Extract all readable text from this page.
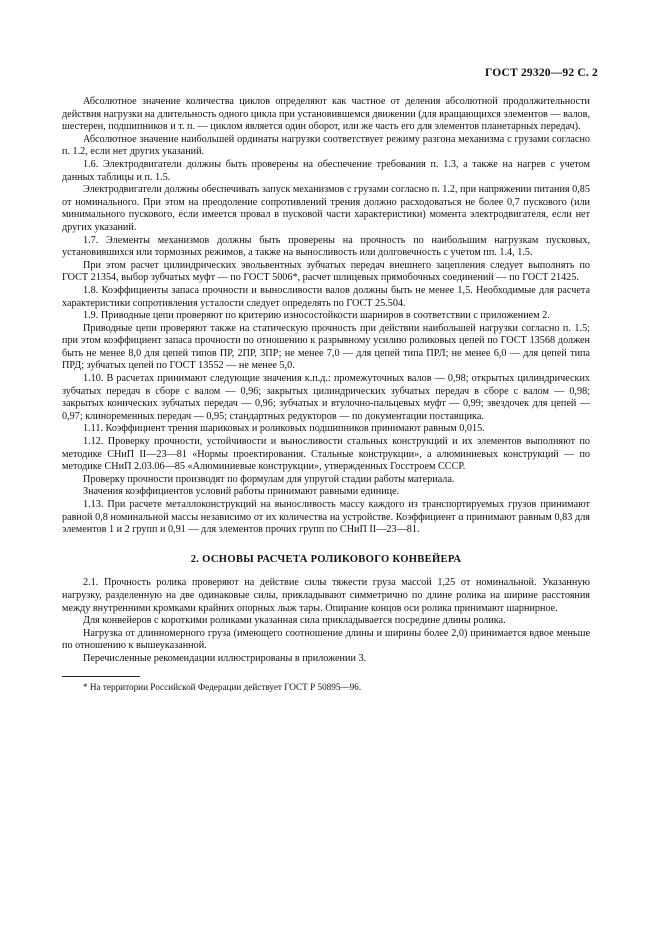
ГОСТ 29320—92 С. 2

Абсолютное значение количества циклов определяют как частное от деления абсолютной продолжительности действия нагрузки на длительность одного цикла при установившемся движении (для вращающихся элементов — валов, шестерен, подшипников и т. п. — циклом является один оборот, или же часть его для элементов планетарных передач).

Абсолютное значение наибольшей ординаты нагрузки соответствует режиму разгона механизма с грузами согласно п. 1.2, если нет других указаний.

1.6. Электродвигатели должны быть проверены на обеспечение требования п. 1.3, а также на нагрев с учетом данных таблицы и п. 1.5.

Электродвигатели должны обеспечивать запуск механизмов с грузами согласно п. 1.2, при напряжении питания 0,85 от номинального. При этом на преодоление сопротивлений трения должно расходоваться не более 0,7 пускового (или минимального пускового, если имеется провал в пусковой части характеристики) момента электродвигателя, если нет других указаний.

1.7. Элементы механизмов должны быть проверены на прочность по наибольшим нагрузкам пусковых, установившихся или тормозных режимов, а также на выносливость или долговечность с учетом пп. 1.4, 1.5.

При этом расчет цилиндрических эвольвентных зубчатых передач внешнего зацепления следует выполнять по ГОСТ 21354, выбор зубчатых муфт — по ГОСТ 5006*, расчет шлицевых прямобочных соединений — по ГОСТ 21425.

1.8. Коэффициенты запаса прочности и выносливости валов должны быть не менее 1,5. Необходимые для расчета характеристики сопротивления усталости следует определять по ГОСТ 25.504.

1.9. Приводные цепи проверяют по критерию износостойкости шарниров в соответствии с приложением 2.

Приводные цепи проверяют также на статическую прочность при действии наибольшей нагрузки согласно п. 1.5; при этом коэффициент запаса прочности по отношению к разрывному усилию роликовых цепей по ГОСТ 13568 должен быть не менее 8,0 для цепей типов ПР, 2ПР, 3ПР; не менее 7,0 — для цепей типа ПРЛ; не менее 6,0 — для цепей типа ПРД; зубчатых цепей по ГОСТ 13552 — не менее 5,0.

1.10. В расчетах принимают следующие значения к.п.д.: промежуточных валов — 0,98; открытых цилиндрических зубчатых передач в сборе с валом — 0,96; закрытых цилиндрических зубчатых передач в сборе с валом — 0,98; закрытых конических зубчатых передач — 0,96; зубчатых и втулочно-пальцевых муфт — 0,99; звездочек для цепей — 0,97; клиноременных передач — 0,95; стандартных редукторов — по документации поставщика.

1.11. Коэффициент трения шариковых и роликовых подшипников принимают равным 0,015.

1.12. Проверку прочности, устойчивости и выносливости стальных конструкций и их элементов выполняют по методике СНиП II—23—81 «Нормы проектирования. Стальные конструкции», а алюминиевых конструкций — по методике СНиП 2.03.06—85 «Алюминиевые конструкции», утвержденных Госстроем СССР.

Проверку прочности производят по формулам для упругой стадии работы материала.

Значения коэффициентов условий работы принимают равными единице.

1.13. При расчете металлоконструкций на выносливость массу каждого из транспортируемых грузов принимают равной 0,8 номинальной массы независимо от их количества на устройстве. Коэффициент α принимают равным 0,83 для элементов 1 и 2 групп и 0,91 — для элементов прочих групп по СНиП II—23—81.

2. ОСНОВЫ РАСЧЕТА РОЛИКОВОГО КОНВЕЙЕРА

2.1. Прочность ролика проверяют на действие силы тяжести груза массой 1,25 от номинальной. Указанную нагрузку, разделенную на две одинаковые силы, прикладывают симметрично по длине ролика на ширине расстояния между внутренними кромками крайних опорных лыж тары. Опирание концов оси ролика принимают шарнирное.

Для конвейеров с короткими роликами указанная сила прикладывается посредине длины ролика.

Нагрузка от длинномерного груза (имеющего соотношение длины и ширины более 2,0) принимается вдвое меньше по отношению к вышеуказанной.

Перечисленные рекомендации иллюстрированы в приложении 3.

* На территории Российской Федерации действует ГОСТ Р 50895—96.
